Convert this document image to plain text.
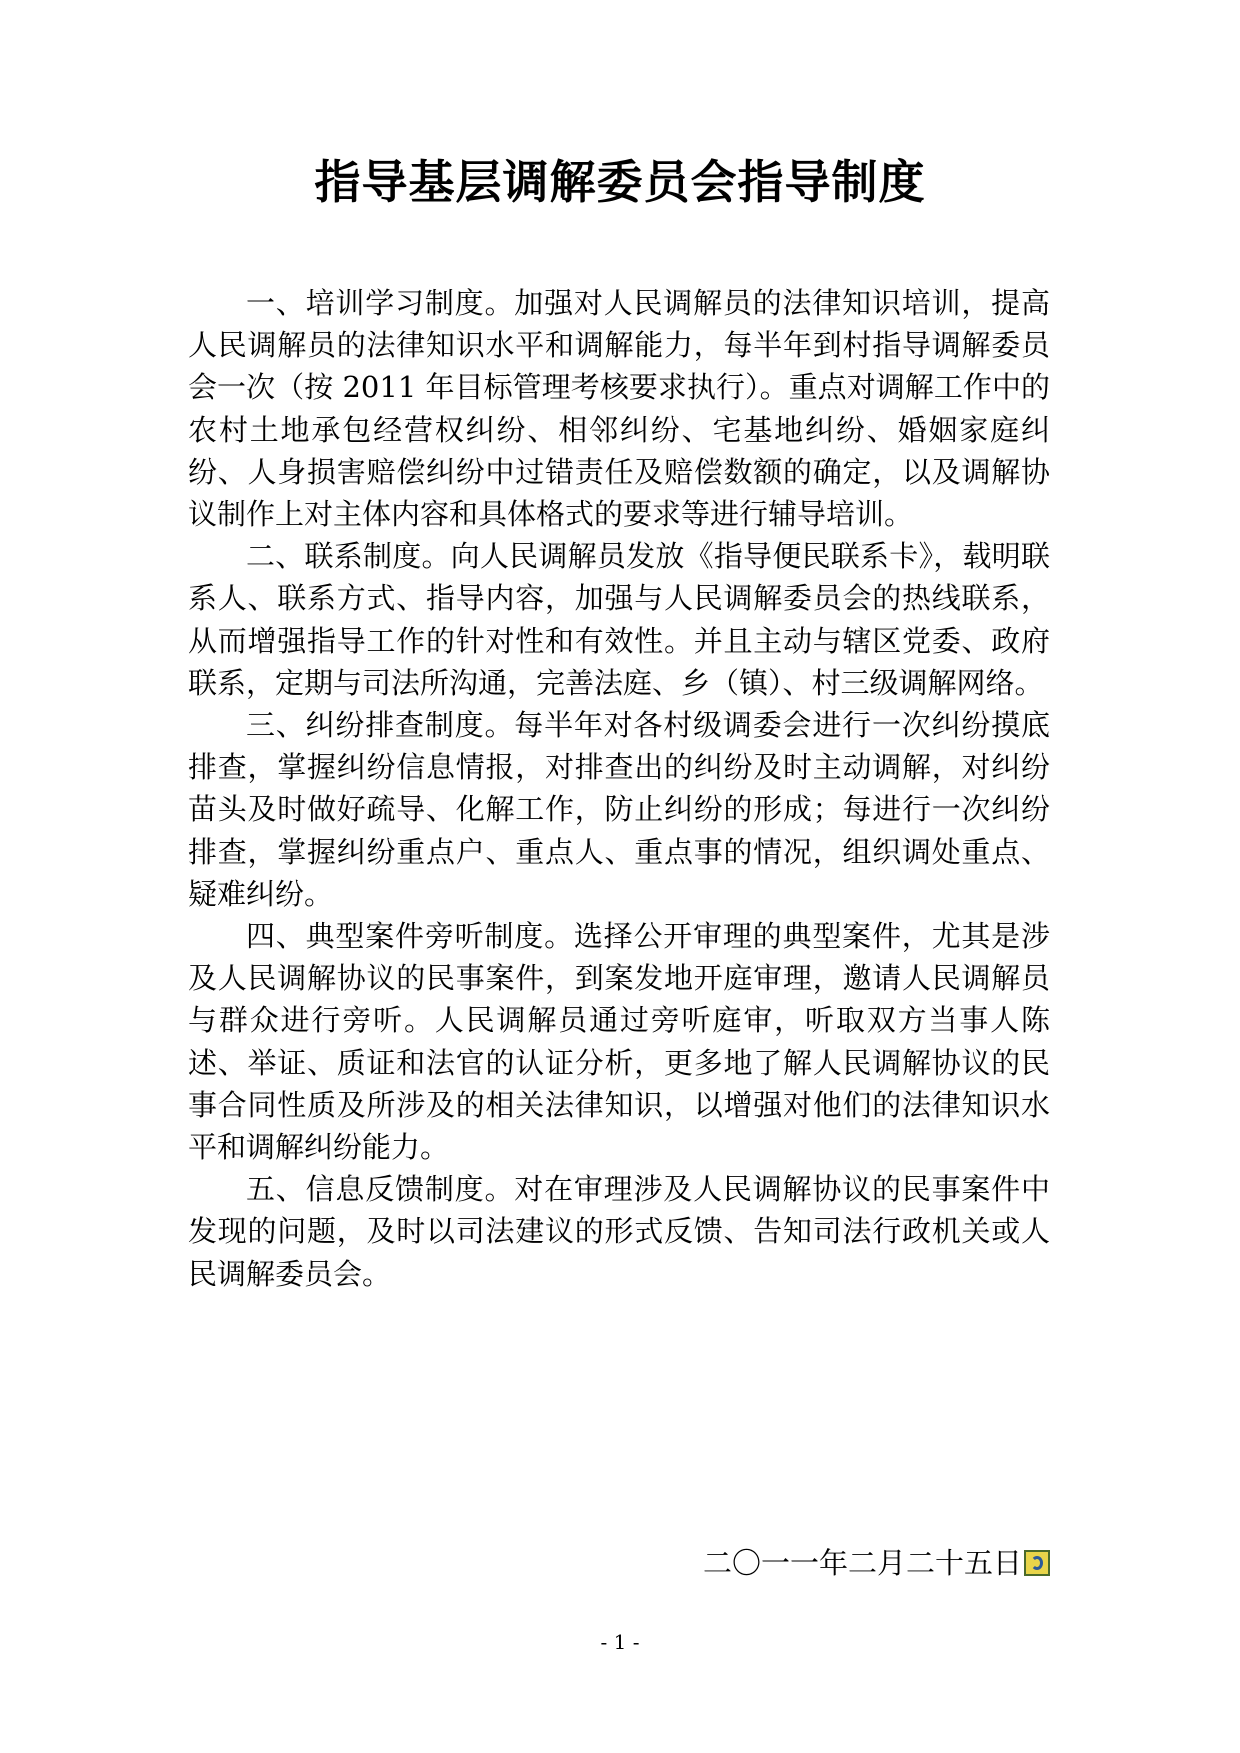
指导基层调解委员会指导制度

一、培训学习制度。加强对人民调解员的法律知识培训，提高人民调解员的法律知识水平和调解能力，每半年到村指导调解委员会一次（按 2011 年目标管理考核要求执行）。重点对调解工作中的农村土地承包经营权纠纷、相邻纠纷、宅基地纠纷、婚姻家庭纠纷、人身损害赔偿纠纷中过错责任及赔偿数额的确定，以及调解协议制作上对主体内容和具体格式的要求等进行辅导培训。

二、联系制度。向人民调解员发放《指导便民联系卡》，载明联系人、联系方式、指导内容，加强与人民调解委员会的热线联系，从而增强指导工作的针对性和有效性。并且主动与辖区党委、政府联系，定期与司法所沟通，完善法庭、乡（镇）、村三级调解网络。

三、纠纷排查制度。每半年对各村级调委会进行一次纠纷摸底排查，掌握纠纷信息情报，对排查出的纠纷及时主动调解，对纠纷苗头及时做好疏导、化解工作，防止纠纷的形成；每进行一次纠纷排查，掌握纠纷重点户、重点人、重点事的情况，组织调处重点、疑难纠纷。

四、典型案件旁听制度。选择公开审理的典型案件，尤其是涉及人民调解协议的民事案件，到案发地开庭审理，邀请人民调解员与群众进行旁听。人民调解员通过旁听庭审，听取双方当事人陈述、举证、质证和法官的认证分析，更多地了解人民调解协议的民事合同性质及所涉及的相关法律知识，以增强对他们的法律知识水平和调解纠纷能力。

五、信息反馈制度。对在审理涉及人民调解协议的民事案件中发现的问题，及时以司法建议的形式反馈、告知司法行政机关或人民调解委员会。

二〇一一年二月二十五日
- 1 -
